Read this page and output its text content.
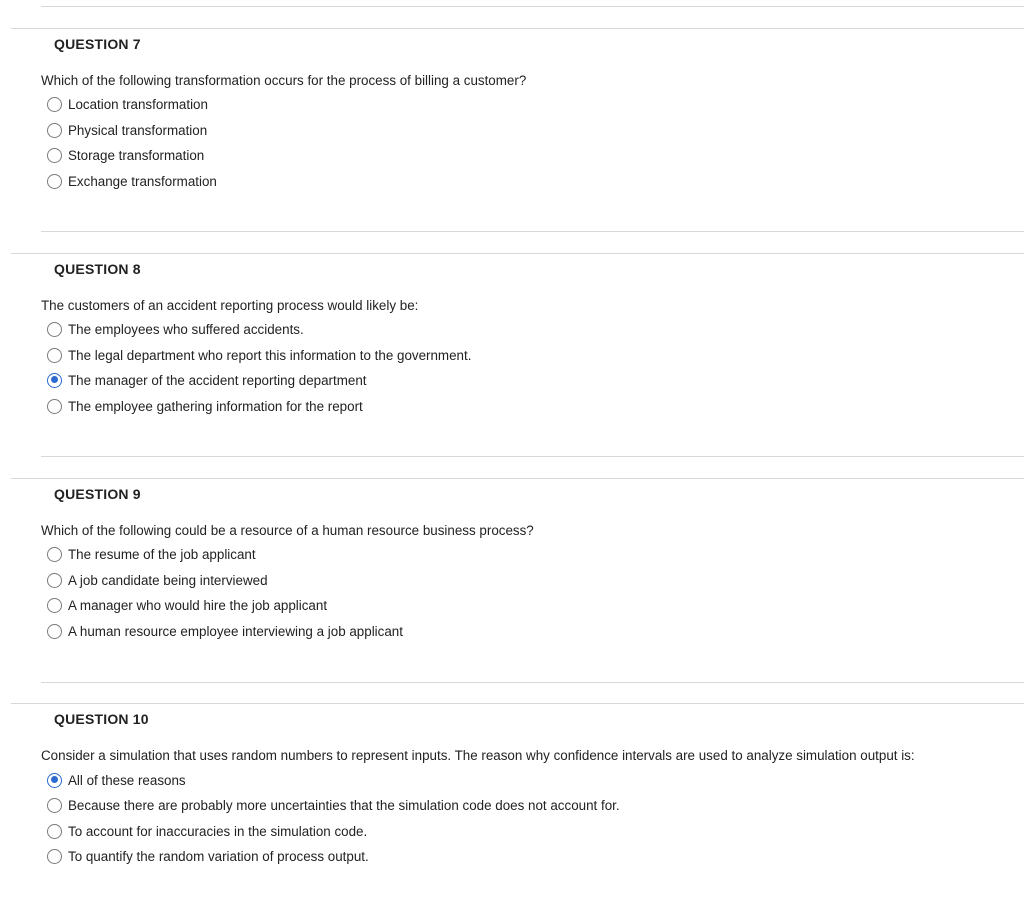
QUESTION 7
Which of the following transformation occurs for the process of billing a customer?
Location transformation
Physical transformation
Storage transformation
Exchange transformation
QUESTION 8
The customers of an accident reporting process would likely be:
The employees who suffered accidents.
The legal department who report this information to the government.
The manager of the accident reporting department
The employee gathering information for the report
QUESTION 9
Which of the following could be a resource of a human resource business process?
The resume of the job applicant
A job candidate being interviewed
A manager who would hire the job applicant
A human resource employee interviewing a job applicant
QUESTION 10
Consider a simulation that uses random numbers to represent inputs. The reason why confidence intervals are used to analyze simulation output is:
All of these reasons
Because there are probably more uncertainties that the simulation code does not account for.
To account for inaccuracies in the simulation code.
To quantify the random variation of process output.
